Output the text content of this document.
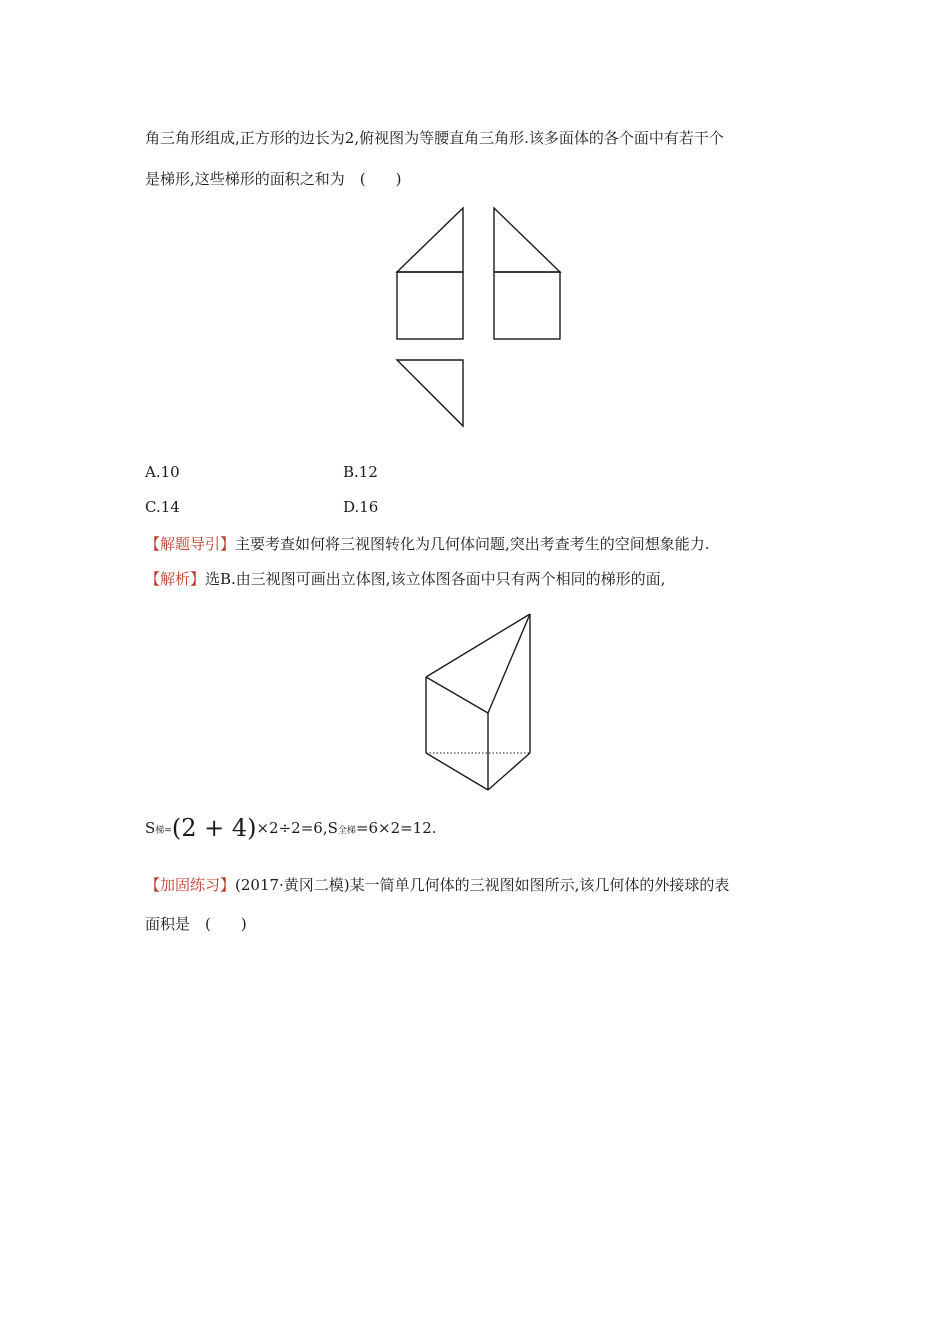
角三角形组成,正方形的边长为2,俯视图为等腰直角三角形.该多面体的各个面中有若干个
是梯形,这些梯形的面积之和为　(　　)
A.10	B.12
C.14	D.16
【解题导引】主要考查如何将三视图转化为几何体问题,突出考查考生的空间想象能力.
【解析】选B.由三视图可画出立体图,该立体图各面中只有两个相同的梯形的面,
S梯=(2 + 4)×2÷2=6,S全梯=6×2=12.
【加固练习】(2017·黄冈二模)某一简单几何体的三视图如图所示,该几何体的外接球的表
面积是　(　　)
